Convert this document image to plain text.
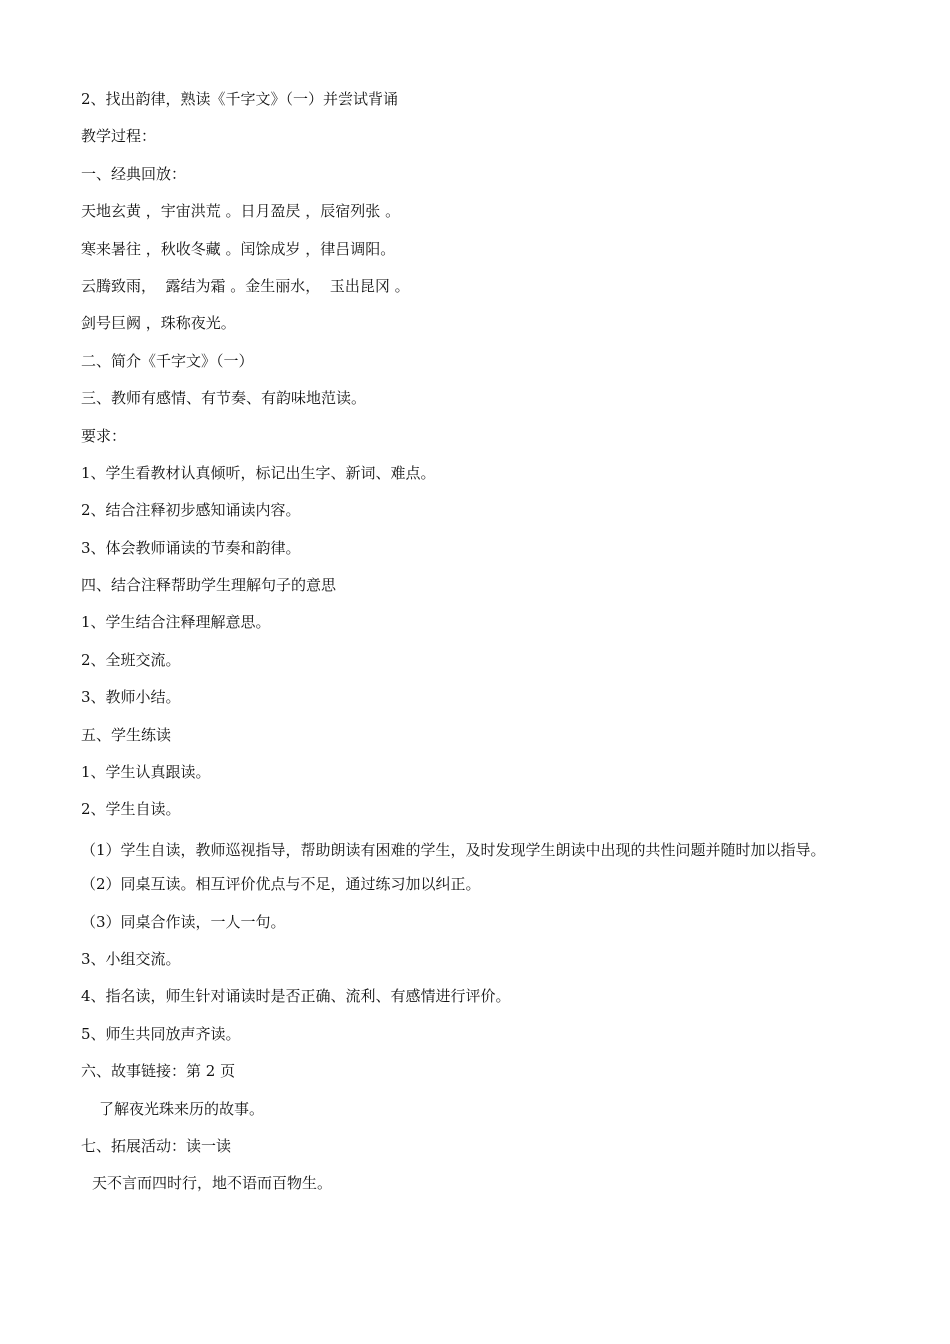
2、找出韵律，熟读《千字文》（一）并尝试背诵
教学过程：
一、经典回放：
天地玄黄 ，宇宙洪荒 。日月盈昃 ，辰宿列张 。
寒来暑往 ，秋收冬藏 。闰馀成岁 ，律吕调阳。
云腾致雨，  露结为霜 。金生丽水，  玉出昆冈 。
剑号巨阙 ，珠称夜光。
二、简介《千字文》（一）
三、教师有感情、有节奏、有韵味地范读。
要求：
1、学生看教材认真倾听，标记出生字、新词、难点。
2、结合注释初步感知诵读内容。
3、体会教师诵读的节奏和韵律。
四、结合注释帮助学生理解句子的意思
1、学生结合注释理解意思。
2、全班交流。
3、教师小结。
五、学生练读
1、学生认真跟读。
2、学生自读。
（1）学生自读，教师巡视指导，帮助朗读有困难的学生，及时发现学生朗读中出现的共性问题并随时加以指导。
（2）同桌互读。相互评价优点与不足，通过练习加以纠正。
（3）同桌合作读，一人一句。
3、小组交流。
4、指名读，师生针对诵读时是否正确、流利、有感情进行评价。
5、师生共同放声齐读。
六、故事链接：第 2 页
了解夜光珠来历的故事。
七、拓展活动：读一读
天不言而四时行，地不语而百物生。
